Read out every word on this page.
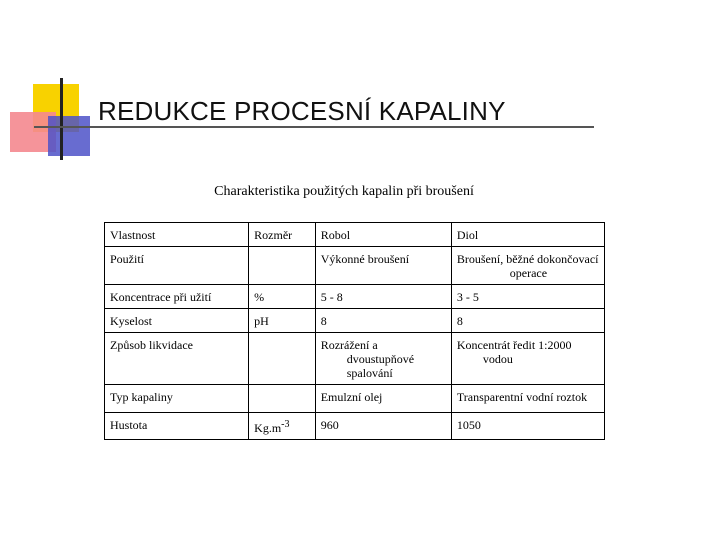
REDUKCE PROCESNÍ KAPALINY
Charakteristika použitých kapalin při broušení
Vlastnost	Rozměr	Robol	Diol
Použití		Výkonné broušení	Broušení, běžné dokončovací
operace

Koncentrace při užití	%	5 - 8	3 - 5
Kyselost	pH	8	8
Způsob likvidace		Rozrážení a
dvoustupňové
spalování	Koncentrát ředit 1:2000
vodou

Typ kapaliny		Emulzní olej	Transparentní vodní roztok
Hustota	$Kg.m^{-3}$	960	1050
